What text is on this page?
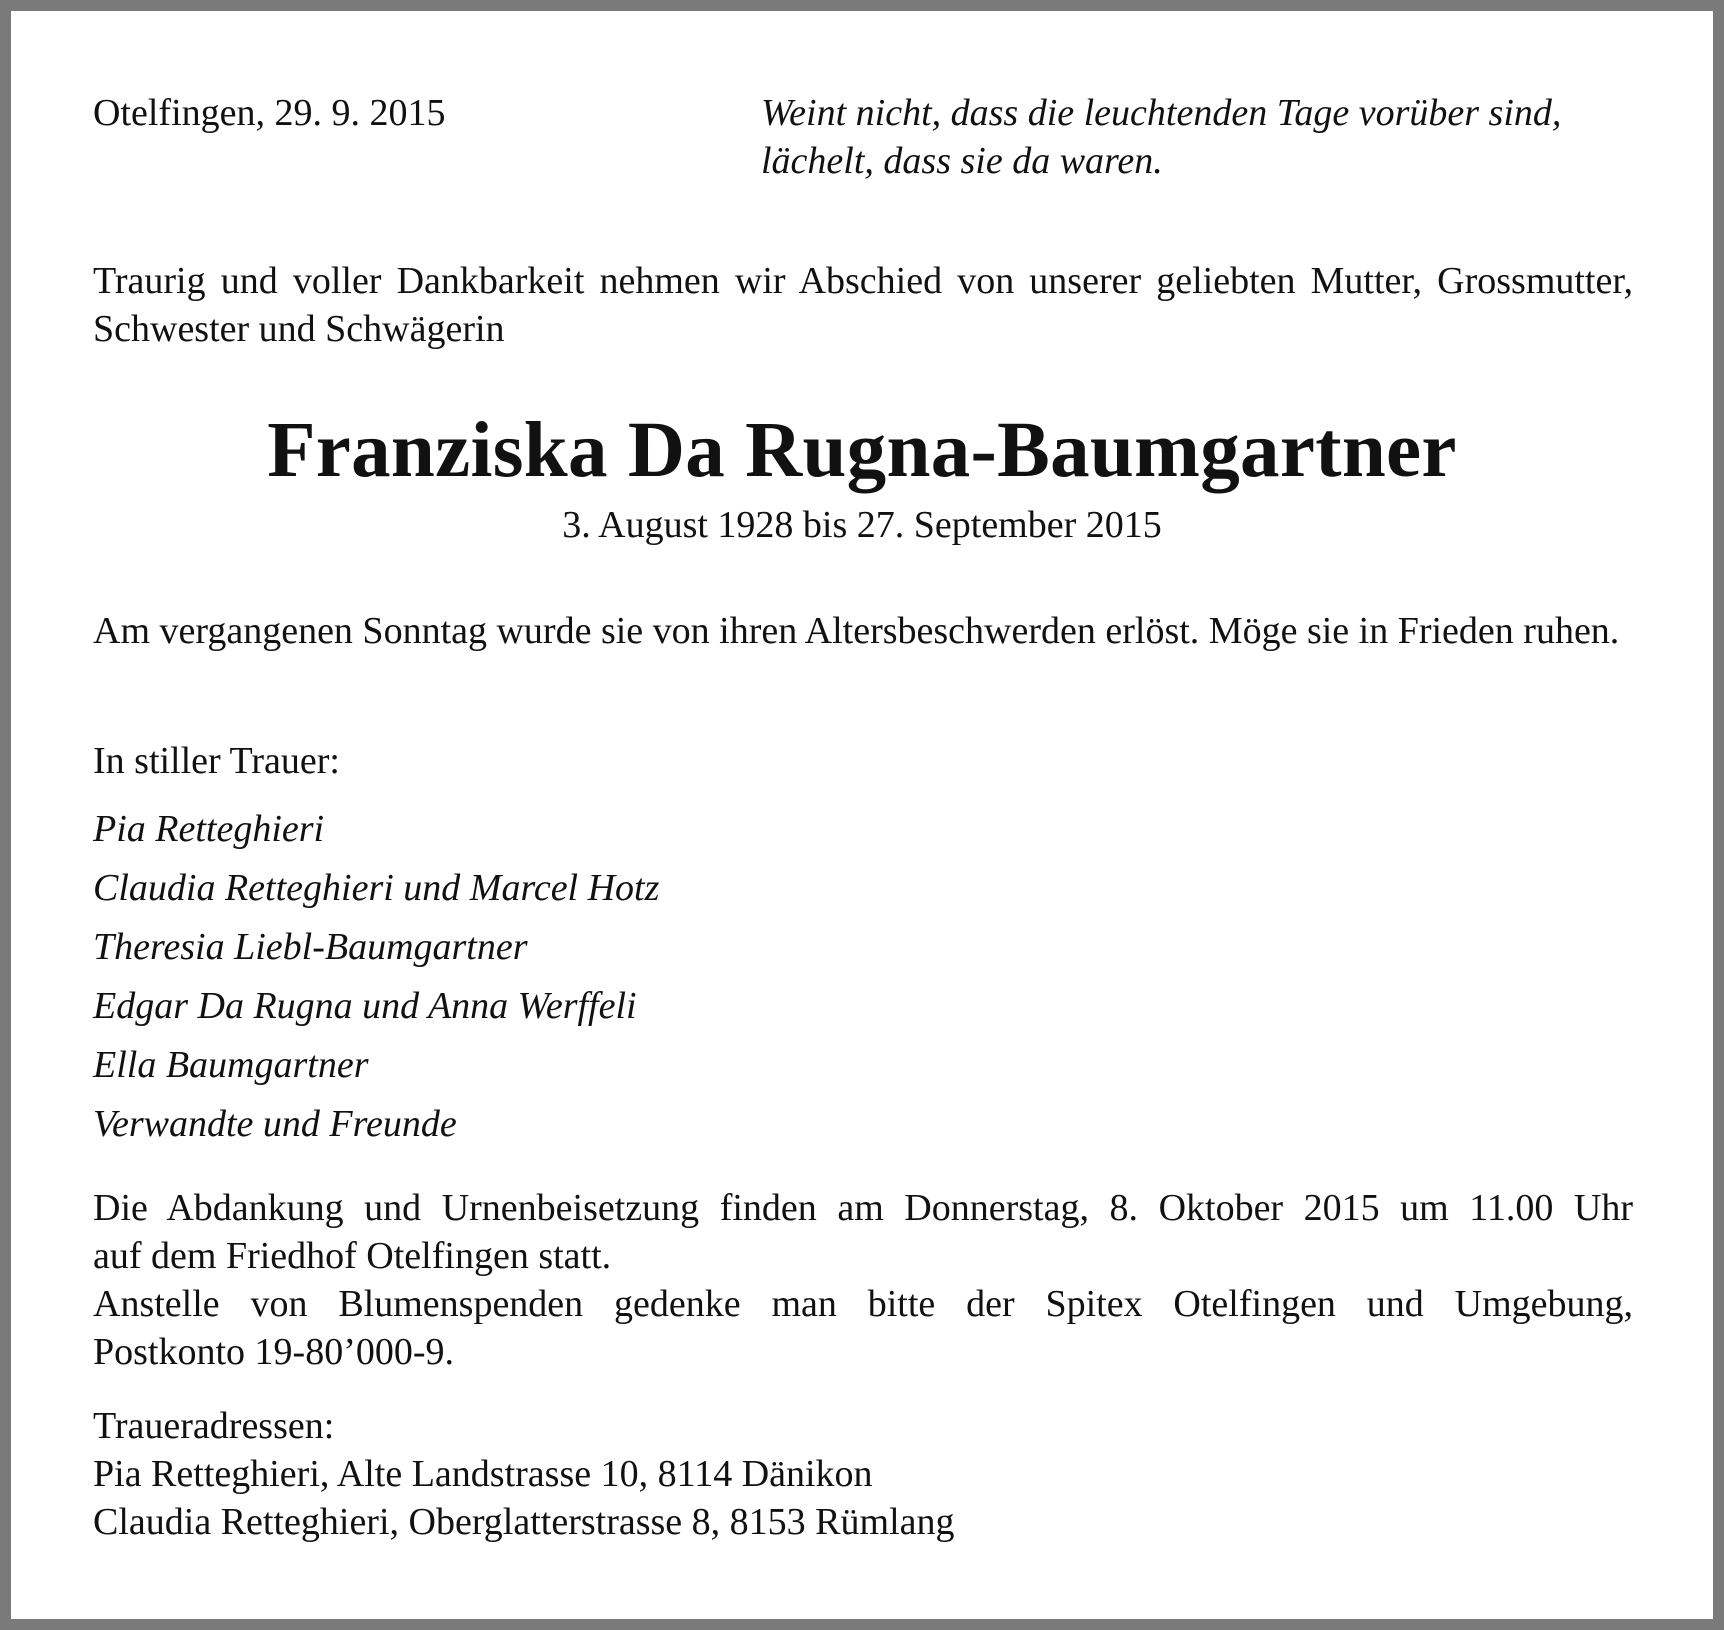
Otelfingen, 29. 9. 2015	Weint nicht, dass die leuchtenden Tage vorüber sind,
lächelt, dass sie da waren.
Traurig und voller Dankbarkeit nehmen wir Abschied von unserer geliebten Mutter, Grossmutter, Schwester und Schwägerin
Franziska Da Rugna-Baumgartner
3. August 1928 bis 27. September 2015
Am vergangenen Sonntag wurde sie von ihren Altersbeschwerden erlöst. Möge sie in Frieden ruhen.
In stiller Trauer:
Pia Retteghieri
Claudia Retteghieri und Marcel Hotz
Theresia Liebl-Baumgartner
Edgar Da Rugna und Anna Werffeli
Ella Baumgartner
Verwandte und Freunde
Die Abdankung und Urnenbeisetzung finden am Donnerstag, 8. Oktober 2015 um 11.00 Uhr
auf dem Friedhof Otelfingen statt.
Anstelle von Blumenspenden gedenke man bitte der Spitex Otelfingen und Umgebung,
Postkonto 19-80’000-9.
Traueradressen:
Pia Retteghieri, Alte Landstrasse 10, 8114 Dänikon
Claudia Retteghieri, Oberglatterstrasse 8, 8153 Rümlang
